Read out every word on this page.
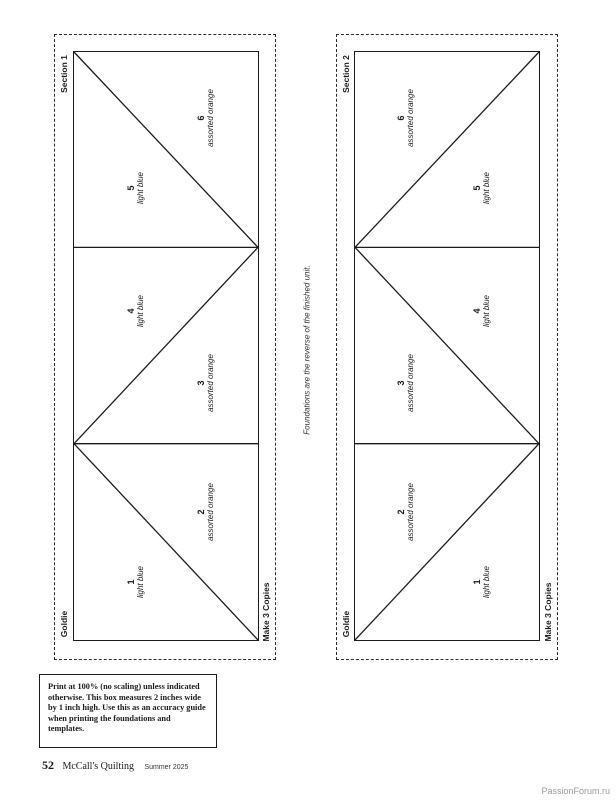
Section 1
Goldie	Make 3 Copies
6 assorted orange
5 light blue
4 light blue
3 assorted orange
2 assorted orange
1 light blue
Foundations are the reverse of the finished unit.
Section 2
Goldie	Make 3 Copies
6 assorted orange
5 light blue
4 light blue
3 assorted orange
2 assorted orange
1 light blue
Print at 100% (no scaling) unless indicated otherwise. This box measures 2 inches wide by 1 inch high. Use this as an accuracy guide when printing the foundations and templates.
52 McCall's Quilting Summer 2025
PassionForum.ru
